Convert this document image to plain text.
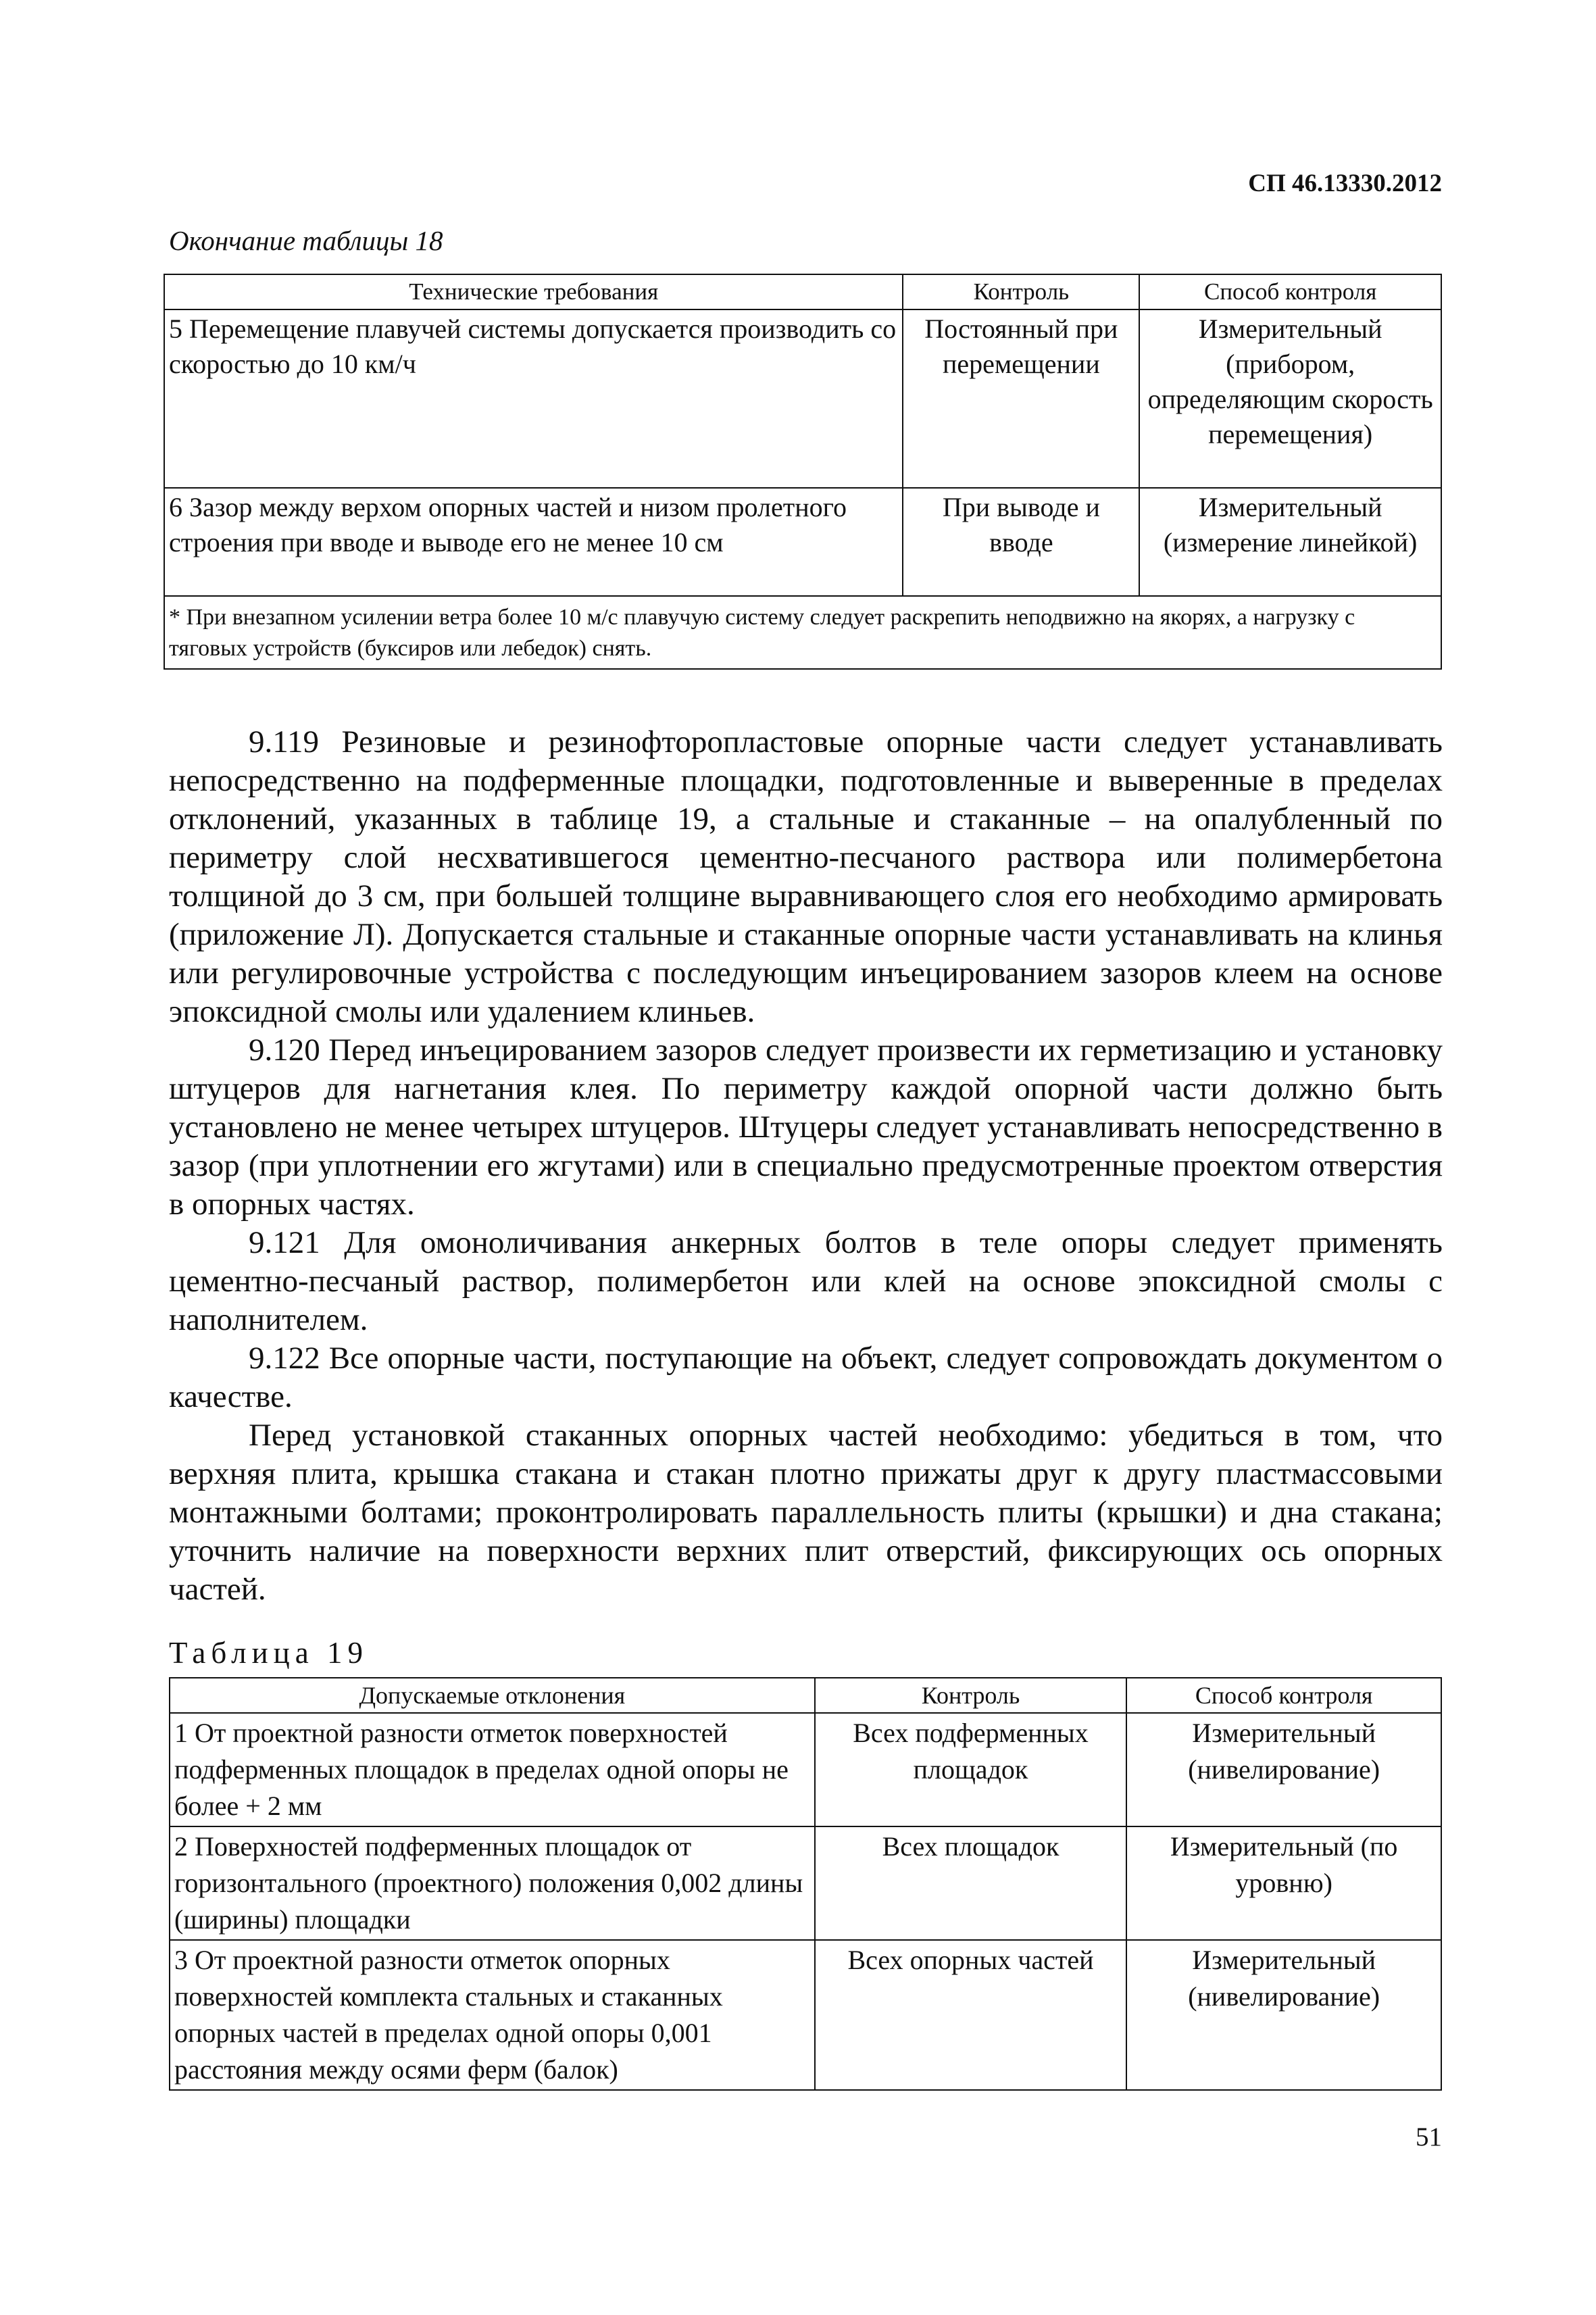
СП 46.13330.2012
Окончание таблицы 18
Технические требования	Контроль	Способ контроля
5 Перемещение плавучей системы допускается производить со скоростью до 10 км/ч	Постоянный при перемещении	Измерительный (прибором, определяющим скорость перемещения)
6 Зазор между верхом опорных частей и низом пролетного строения при вводе и выводе его не менее 10 см	При выводе и вводе	Измерительный (измерение линейкой)
* При внезапном усилении ветра более 10 м/с плавучую систему следует раскрепить неподвижно на якорях, а нагрузку с тяговых устройств (буксиров или лебедок) снять.		

9.119 Резиновые и резинофторопластовые опорные части следует устанавливать непосредственно на подферменные площадки, подготовленные и выверенные в пределах отклонений, указанных в таблице 19, а стальные и стаканные – на опалубленный по периметру слой несхватившегося цементно-песчаного раствора или полимербетона толщиной до 3 см, при большей толщине выравнивающего слоя его необходимо армировать (приложение Л). Допускается стальные и стаканные опорные части устанавливать на клинья или регулировочные устройства с последующим инъецированием зазоров клеем на основе эпоксидной смолы или удалением клиньев.

9.120 Перед инъецированием зазоров следует произвести их герметизацию и установку штуцеров для нагнетания клея. По периметру каждой опорной части должно быть установлено не менее четырех штуцеров. Штуцеры следует устанавливать непосредственно в зазор (при уплотнении его жгутами) или в специально предусмотренные проектом отверстия в опорных частях.

9.121 Для омоноличивания анкерных болтов в теле опоры следует применять цементно-песчаный раствор, полимербетон или клей на основе эпоксидной смолы с наполнителем.

9.122 Все опорные части, поступающие на объект, следует сопровождать документом о качестве.

Перед установкой стаканных опорных частей необходимо: убедиться в том, что верхняя плита, крышка стакана и стакан плотно прижаты друг к другу пластмассовыми монтажными болтами; проконтролировать параллельность плиты (крышки) и дна стакана; уточнить наличие на поверхности верхних плит отверстий, фиксирующих ось опорных частей.

Таблица 19
Допускаемые отклонения	Контроль	Способ контроля
1 От проектной разности отметок поверхностей подферменных площадок в пределах одной опоры не более + 2 мм	Всех подферменных площадок	Измерительный (нивелирование)
2 Поверхностей подферменных площадок от горизонтального (проектного) положения 0,002 длины (ширины) площадки	Всех площадок	Измерительный (по уровню)
3 От проектной разности отметок опорных поверхностей комплекта стальных и стаканных опорных частей в пределах одной опоры 0,001 расстояния между осями ферм (балок)	Всех опорных частей	Измерительный (нивелирование)
51
